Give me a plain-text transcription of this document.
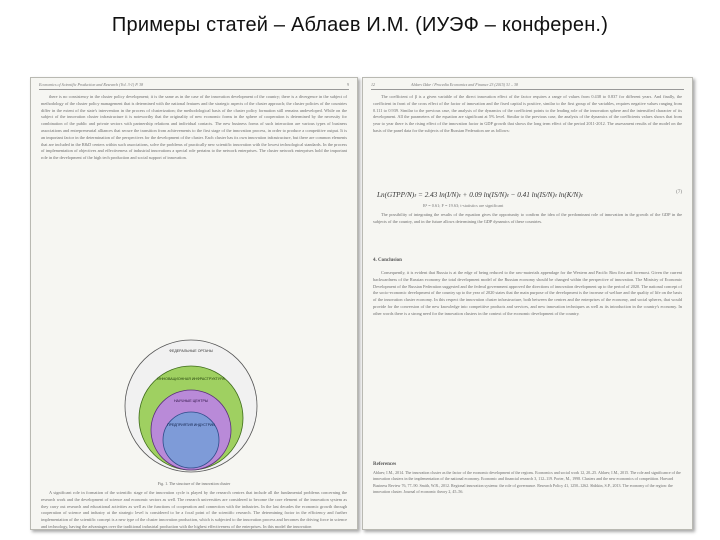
Примеры статей – Аблаев И.М. (ИУЭФ – конферен.)
Economics of Scientific Production and Research (Vol. 3-1) P. 38	9

there is no consistency in the cluster policy development; it is the same as in the case of the innovation development of the country; there is a divergence in the subject of methodology of the cluster policy management that is determined with the national features and the strategic aspects of the cluster approach; the cluster policies of the countries differ in the extent of the state's intervention in the process of clusterization; the methodological basis of the cluster policy formation still remains undeveloped. While on the subject of the innovation cluster infrastructure it is noteworthy that the originality of new economic forms in the sphere of cooperation is determined by the necessity for combination of the public and private sectors with partnership relations and individual contacts. The new business forms of such interaction are various types of business associations and entrepreneurial alliances that secure the transition from achievements to the first stage of the innovation process, in order to produce a competitive output. It is an important factor in the determination of the perspectives for the development of the cluster. Each cluster has its own innovation infrastructure, but there are common elements that are included in the R&D centers within such associations, solve the problems of practically new scientific innovation with the lowest technological standards. In the process of implementation of objectives and effectiveness of industrial innovations a special role pertains to the network enterprises. The cluster network enterprises hold the important role in the development of the high tech production and social support of innovation.

ФЕДЕРАЛЬНЫЕ ОРГАНЫ
ИННОВАЦИОННАЯ ИНФРАСТРУКТУРА
НАУЧНЫЕ ЦЕНТРЫ
ПРЕДПРИЯТИЯ ИНДУСТРИИ
Fig. 1. The structure of the innovation cluster

A significant role in formation of the scientific stage of the innovation cycle is played by the research centres that include all the fundamental problems concerning the research work and the development of science and economic sectors as well. The research universities are considered to become the core element of the innovation system as they carry out research and educational activities as well as the functions of cooperation and connection with the industries. In the last decades the economic growth through cooperation of science and industry at the strategic level is considered to be a focal point of the scientific research. The determining factor in the efficiency and further implementation of the scientific concept is a new type of the cluster innovation production, which is subjected to the innovation process and becomes the driving force in science and technology, having the advantages over the traditional industrial production with the highest effectiveness of the enterprises. In this model the innovation

12	Ablaev Ildar / Procedia Economics and Finance 23 (2015) 31 – 38

The coefficient of β is a given variable of the direct innovation effect of the factor requires a range of values from 0.438 to 0.837 for different years. And finally, the coefficient in front of the cross effect of the factor of innovation and the fixed capital is positive, similar to the first group of the variables, requires negative values ranging from 0.111 to 0.939. Similar to the previous case, the analysis of the dynamics of the coefficient points to the leading role of the innovation sphere and the intensified character of its development. All the parameters of the equation are significant at 5% level. Similar to the previous case, the analysis of the dynamics of the coefficients values shows that from year to year there is the rising effect of the innovation factor in GDP growth that shows the long term effect of the period 2011-2012. The assessment results of the model on the basis of the panel data for the subjects of the Russian Federation are as follows:

Ln(GTPP/N)ₜ = 2.43 ln(I/N)ₜ + 0.09 ln(IS/N)ₜ − 0.41 ln(IS/N)ₜ ln(K/N)ₜ	(7)
R² = 0.61; F = 19.63; t-statistics are significant

The possibility of integrating the results of the equation gives the opportunity to confirm the idea of the predominant role of innovation in the growth of the GDP in the subjects of the country, and in the future allows determining the GDP dynamics of these countries.

4. Conclusion

Consequently, it is evident that Russia is at the edge of being reduced to the raw-materials appendage for the Western and Pacific Rim first and foremost. Given the current backwardness of the Russian economy the total development model of the Russian economy should be changed within the perspective of innovation. The Ministry of Economic Development of the Russian Federation suggested and the federal government approved the directions of innovation development up to the period of 2020. The national concept of the socio-economic development of the country up to the year of 2020 states that the main purpose of the development is the increase of welfare and the quality of life on the basis of the innovation cluster economy. In this respect the innovation cluster infrastructure, both between the centres and the enterprises of the economy, and social spheres, that would provide for the conversion of the new knowledge into competitive products and services, and new innovation techniques as well as its introduction in the country's economy. In other words there is a strong need for the innovation clusters in the context of the economic development of the country.

References
Ablaev, I.M., 2014. The innovation cluster as the factor of the economic development of the regions. Economics and social work 12, 20–25. Ablaev, I.M., 2015. The role and significance of the innovation clusters in the implementation of the national economy. Economic and financial research 3, 112–119. Porter, M., 1998. Clusters and the new economics of competition. Harvard Business Review 76, 77–90. Smith, W.R., 2012. Regional innovation systems: the role of governance. Research Policy 41, 1250–1262. Shihkin, S.P., 2013. The economy of the region: the innovation cluster. Journal of economic theory 2, 45–56.
